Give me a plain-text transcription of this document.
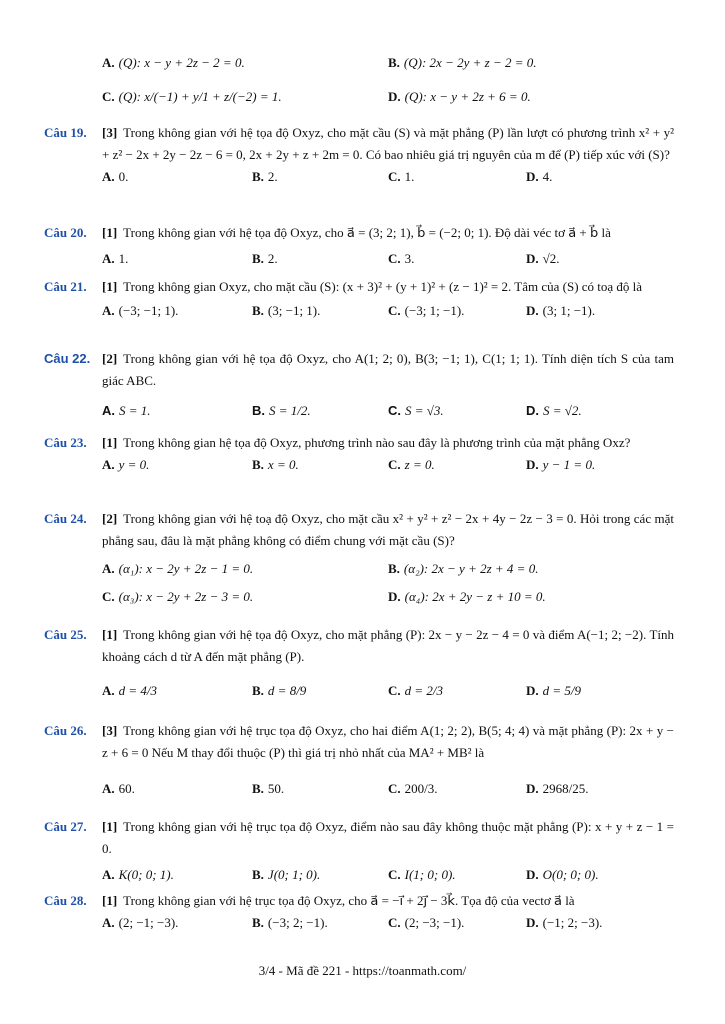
A. (Q): x − y + 2z − 2 = 0.	B. (Q): 2x − 2y + z − 2 = 0.
C. (Q): x/(−1) + y/1 + z/(−2) = 1.	D. (Q): x − y + 2z + 6 = 0.
Câu 19.	[3] Trong không gian với hệ tọa độ Oxyz, cho mặt cầu (S) và mặt phẳng (P) lần lượt có phương trình x² + y² + z² − 2x + 2y − 2z − 6 = 0, 2x + 2y + z + 2m = 0. Có bao nhiêu giá trị nguyên của m để (P) tiếp xúc với (S)?
A. 0.	B. 2.	C. 1.	D. 4.
Câu 20.	[1] Trong không gian với hệ tọa độ Oxyz, cho a⃗ = (3; 2; 1), b⃗ = (−2; 0; 1). Độ dài véc tơ a⃗ + b⃗ là
A. 1.	B. 2.	C. 3.	D. √2.
Câu 21.	[1] Trong không gian Oxyz, cho mặt cầu (S): (x + 3)² + (y + 1)² + (z − 1)² = 2. Tâm của (S) có toạ độ là
A. (−3; −1; 1).	B. (3; −1; 1).	C. (−3; 1; −1).	D. (3; 1; −1).
Câu 22. [2] Trong không gian với hệ tọa độ Oxyz, cho A(1; 2; 0), B(3; −1; 1), C(1; 1; 1). Tính diện tích S của tam giác ABC.
A. S = 1.	B. S = 1/2.	C. S = √3.	D. S = √2.
Câu 23.	[1] Trong không gian hệ tọa độ Oxyz, phương trình nào sau đây là phương trình của mặt phẳng Oxz?
A. y = 0.	B. x = 0.	C. z = 0.	D. y − 1 = 0.
Câu 24.	[2] Trong không gian với hệ toạ độ Oxyz, cho mặt cầu x² + y² + z² − 2x + 4y − 2z − 3 = 0. Hỏi trong các mặt phẳng sau, đâu là mặt phẳng không có điểm chung với mặt cầu (S)?
A. (α₁): x − 2y + 2z − 1 = 0.	B. (α₂): 2x − y + 2z + 4 = 0.
C. (α₃): x − 2y + 2z − 3 = 0.	D. (α₄): 2x + 2y − z + 10 = 0.
Câu 25.	[1] Trong không gian với hệ tọa độ Oxyz, cho mặt phẳng (P): 2x − y − 2z − 4 = 0 và điểm A(−1; 2; −2). Tính khoảng cách d từ A đến mặt phẳng (P).
A. d = 4/3	B. d = 8/9	C. d = 2/3	D. d = 5/9
Câu 26.	[3] Trong không gian với hệ trục tọa độ Oxyz, cho hai điểm A(1; 2; 2), B(5; 4; 4) và mặt phẳng (P): 2x + y − z + 6 = 0 Nếu M thay đổi thuộc (P) thì giá trị nhỏ nhất của MA² + MB² là
A. 60.	B. 50.	C. 200/3.	D. 2968/25.
Câu 27.	[1] Trong không gian với hệ trục tọa độ Oxyz, điểm nào sau đây không thuộc mặt phẳng (P): x + y + z − 1 = 0.
A. K(0; 0; 1).	B. J(0; 1; 0).	C. I(1; 0; 0).	D. O(0; 0; 0).
Câu 28.	[1] Trong không gian với hệ trục tọa độ Oxyz, cho a⃗ = −i⃗ + 2j⃗ − 3k⃗. Tọa độ của vectơ a⃗ là
A. (2; −1; −3).	B. (−3; 2; −1).	C. (2; −3; −1).	D. (−1; 2; −3).
3/4 - Mã đề 221 - https://toanmath.com/
